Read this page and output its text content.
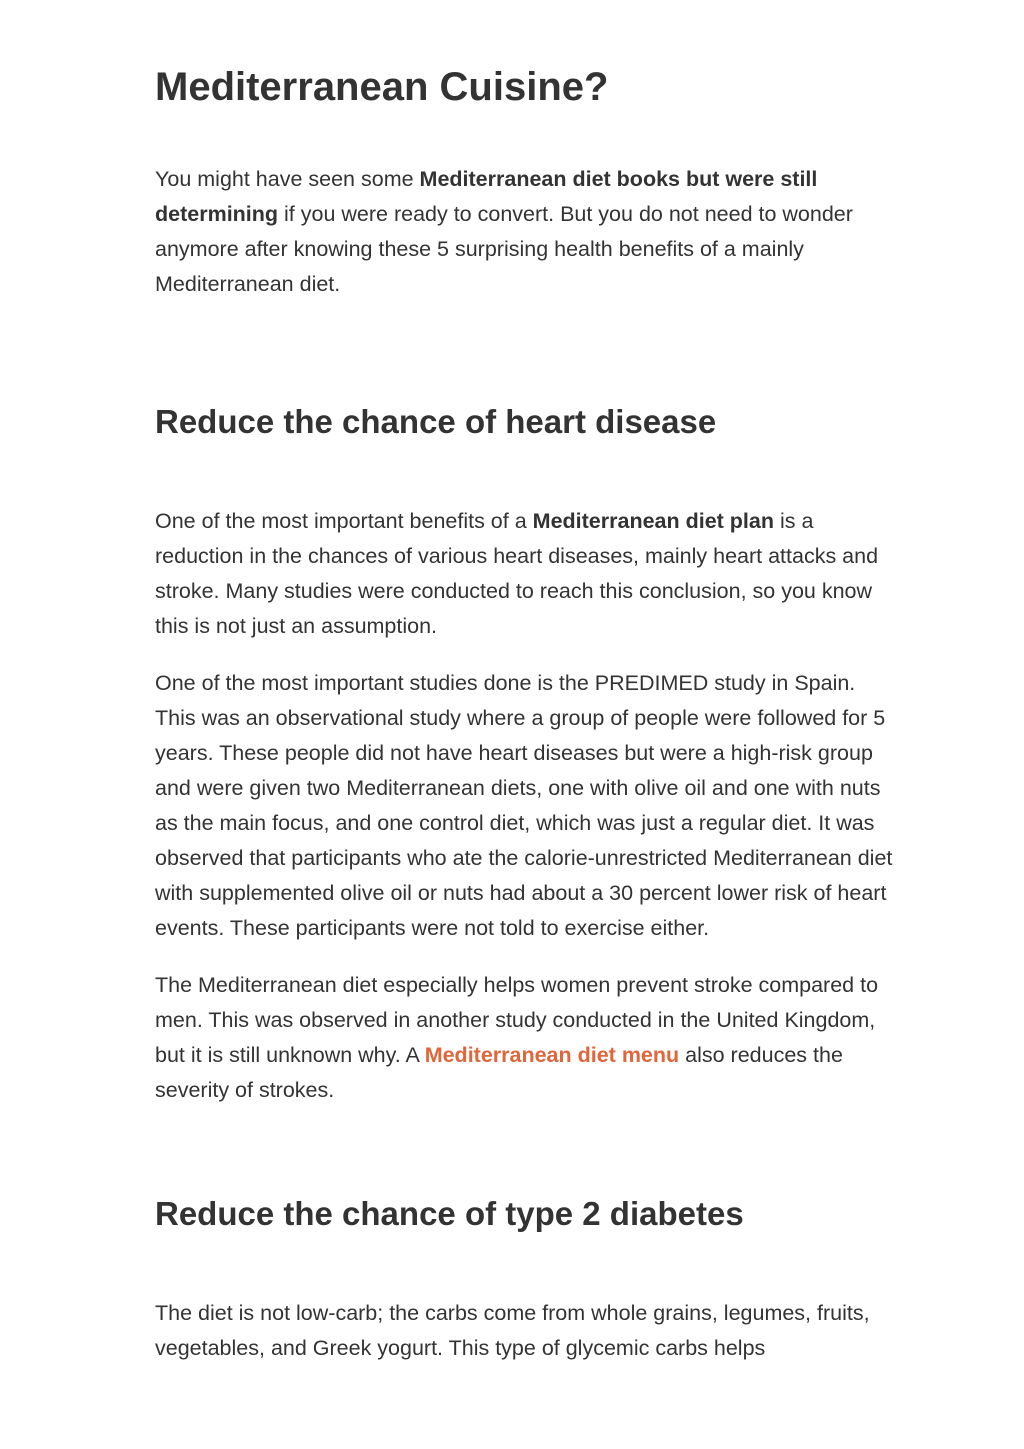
Mediterranean Cuisine?

You might have seen some Mediterranean diet books but were still determining if you were ready to convert. But you do not need to wonder anymore after knowing these 5 surprising health benefits of a mainly Mediterranean diet.

Reduce the chance of heart disease

One of the most important benefits of a Mediterranean diet plan is a reduction in the chances of various heart diseases, mainly heart attacks and stroke. Many studies were conducted to reach this conclusion, so you know this is not just an assumption.

One of the most important studies done is the PREDIMED study in Spain. This was an observational study where a group of people were followed for 5 years. These people did not have heart diseases but were a high-risk group and were given two Mediterranean diets, one with olive oil and one with nuts as the main focus, and one control diet, which was just a regular diet. It was observed that participants who ate the calorie-unrestricted Mediterranean diet with supplemented olive oil or nuts had about a 30 percent lower risk of heart events. These participants were not told to exercise either.

The Mediterranean diet especially helps women prevent stroke compared to men. This was observed in another study conducted in the United Kingdom, but it is still unknown why. A Mediterranean diet menu also reduces the severity of strokes.

Reduce the chance of type 2 diabetes

The diet is not low-carb; the carbs come from whole grains, legumes, fruits, vegetables, and Greek yogurt. This type of glycemic carbs helps
